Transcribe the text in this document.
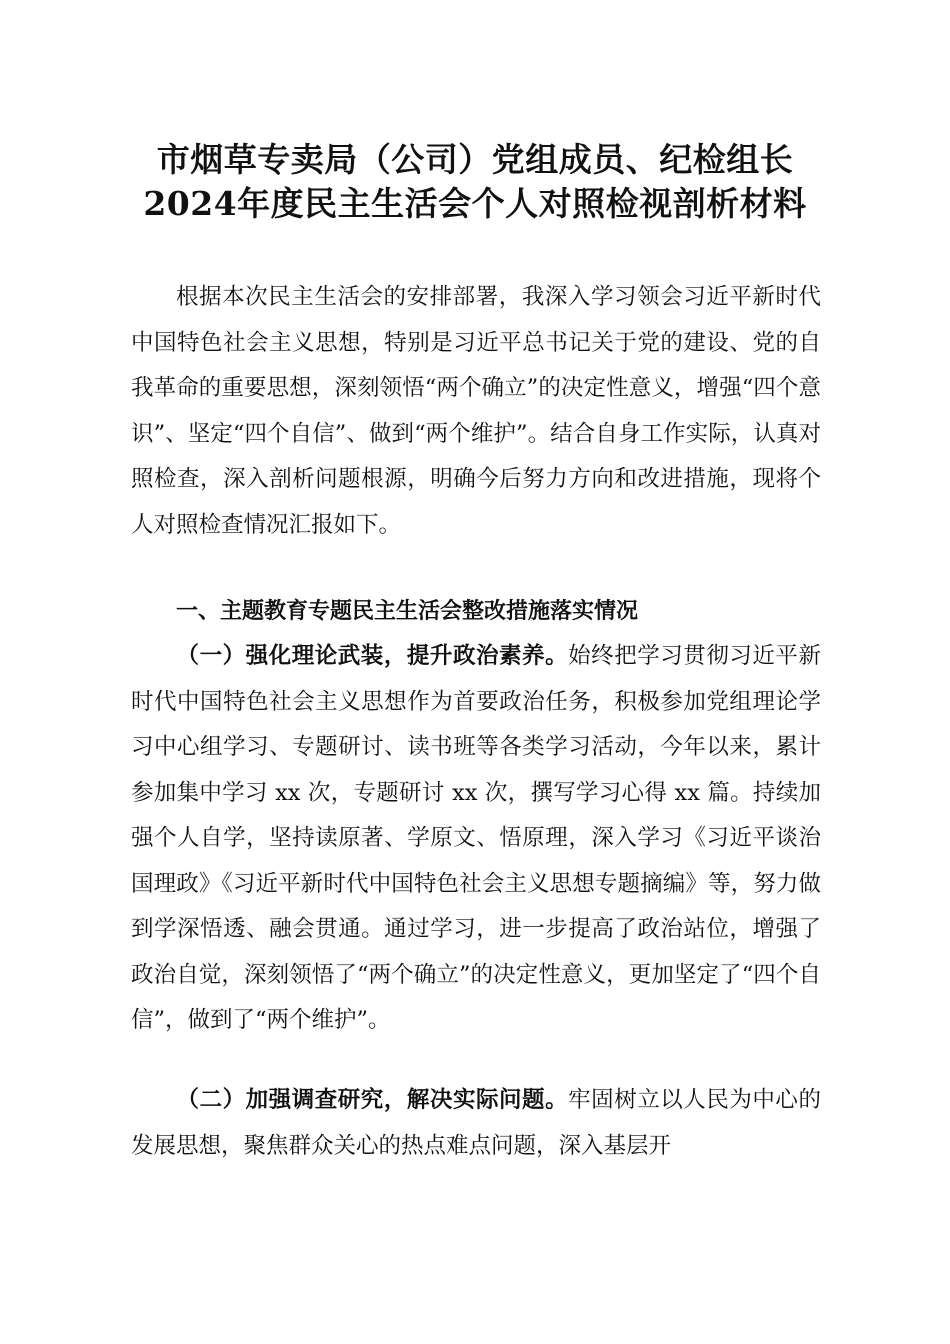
市烟草专卖局（公司）党组成员、纪检组长
2024年度民主生活会个人对照检视剖析材料

根据本次民主生活会的安排部署，我深入学习领会习近平新时代中国特色社会主义思想，特别是习近平总书记关于党的建设、党的自我革命的重要思想，深刻领悟“两个确立”的决定性意义，增强“四个意识”、坚定“四个自信”、做到“两个维护”。结合自身工作实际，认真对照检查，深入剖析问题根源，明确今后努力方向和改进措施，现将个人对照检查情况汇报如下。

一、主题教育专题民主生活会整改措施落实情况

（一）强化理论武装，提升政治素养。始终把学习贯彻习近平新时代中国特色社会主义思想作为首要政治任务，积极参加党组理论学习中心组学习、专题研讨、读书班等各类学习活动，今年以来，累计参加集中学习 xx 次，专题研讨 xx 次，撰写学习心得 xx 篇。持续加强个人自学，坚持读原著、学原文、悟原理，深入学习《习近平谈治国理政》《习近平新时代中国特色社会主义思想专题摘编》等，努力做到学深悟透、融会贯通。通过学习，进一步提高了政治站位，增强了政治自觉，深刻领悟了“两个确立”的决定性意义，更加坚定了“四个自信”，做到了“两个维护”。

（二）加强调查研究，解决实际问题。牢固树立以人民为中心的发展思想，聚焦群众关心的热点难点问题，深入基层开
